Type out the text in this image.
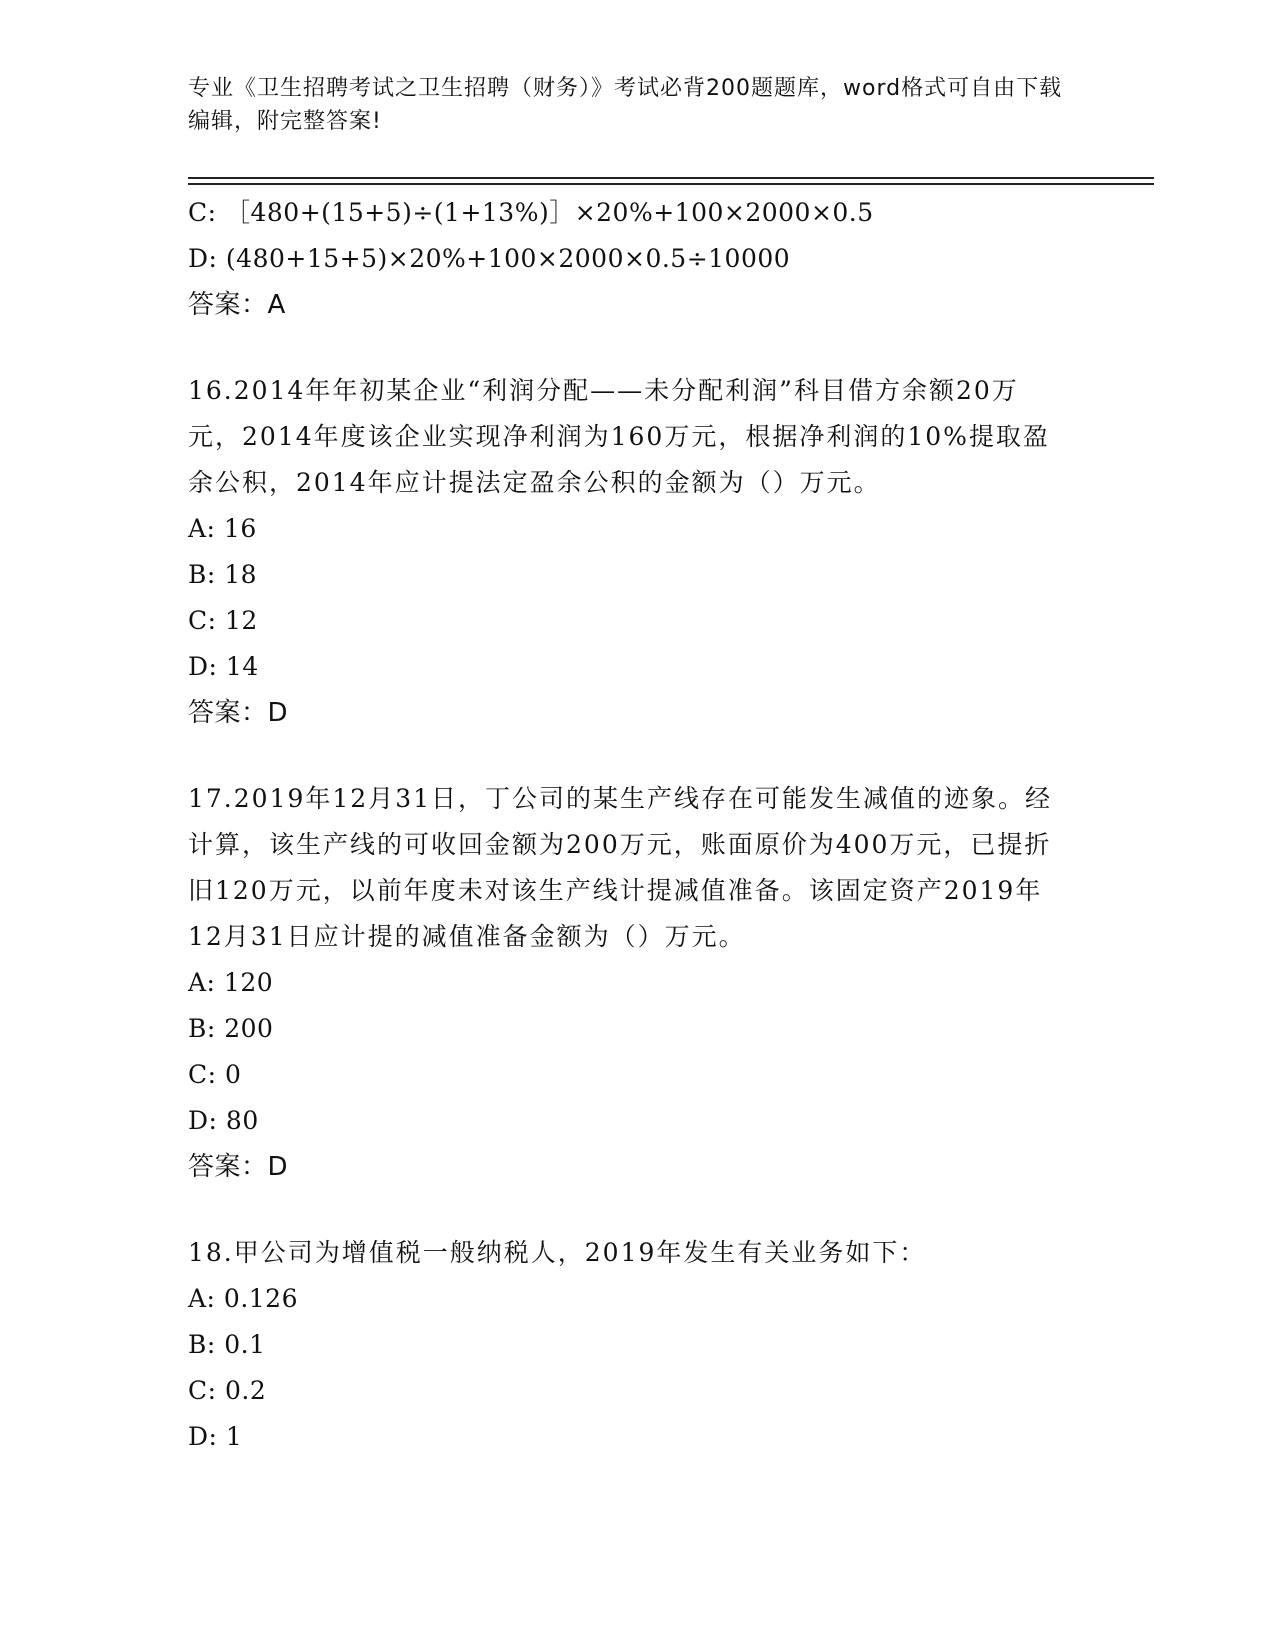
专业《卫生招聘考试之卫生招聘（财务）》考试必背200题题库，word格式可自由下载编辑，附完整答案!
C: ［480+(15+5)÷(1+13%)］×20%+100×2000×0.5
D: (480+15+5)×20%+100×2000×0.5÷10000
答案：A
16.2014年年初某企业“利润分配——未分配利润”科目借方余额20万元，2014年度该企业实现净利润为160万元，根据净利润的10%提取盈余公积，2014年应计提法定盈余公积的金额为（）万元。
A: 16
B: 18
C: 12
D: 14
答案：D
17.2019年12月31日，丁公司的某生产线存在可能发生减值的迹象。经计算，该生产线的可收回金额为200万元，账面原价为400万元，已提折旧120万元，以前年度未对该生产线计提减值准备。该固定资产2019年12月31日应计提的减值准备金额为（）万元。
A: 120
B: 200
C: 0
D: 80
答案：D
18.甲公司为增值税一般纳税人，2019年发生有关业务如下：
A: 0.126
B: 0.1
C: 0.2
D: 1
